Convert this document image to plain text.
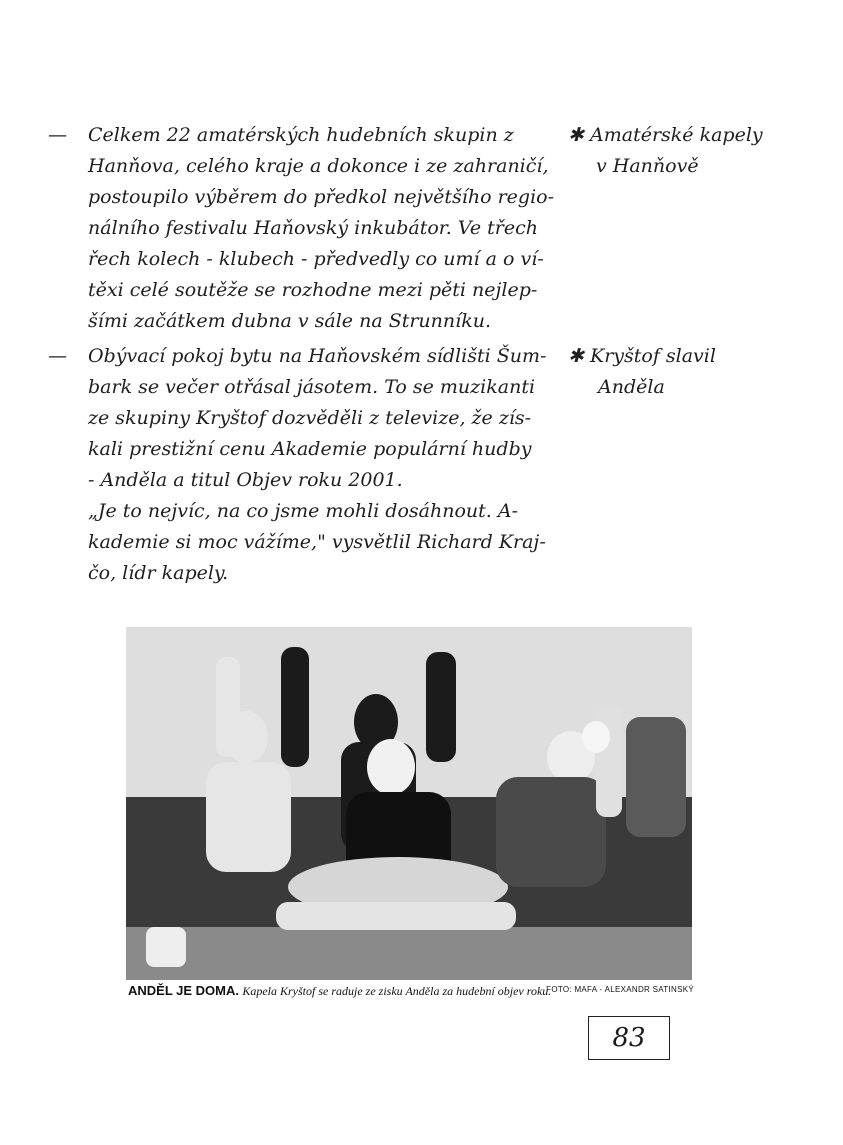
— Celkem 22 amatérských hudebních skupin z
Hanňova, celého kraje a dokonce i ze zahraničí,
postoupilo výběrem do předkol největšího regio-
nálního festivalu Haňovský inkubátor. Ve třech
řech kolech - klubech - předvedly co umí a o ví-
těxi celé soutěže se rozhodne mezi pěti nejlep-
šími začátkem dubna v sále na Strunníku.
✱ Amatérské kapely
v Hanňově
— Obývací pokoj bytu na Haňovském sídlišti Šum-
bark se večer otřásal jásotem. To se muzikanti
ze skupiny Kryštof dozvěděli z televize, že zís-
kali prestižní cenu Akademie populární hudby
- Anděla a titul Objev roku 2001.
„Je to nejvíc, na co jsme mohli dosáhnout. A-
kademie si moc vážíme," vysvětlil Richard Kraj-
čo, lídr kapely.
✱ Kryštof slavil
Anděla
ANDĚL JE DOMA. Kapela Kryštof se raduje ze zisku Anděla za hudební objev roku.
FOTO: MAFA - ALEXANDR SATINSKÝ
83
